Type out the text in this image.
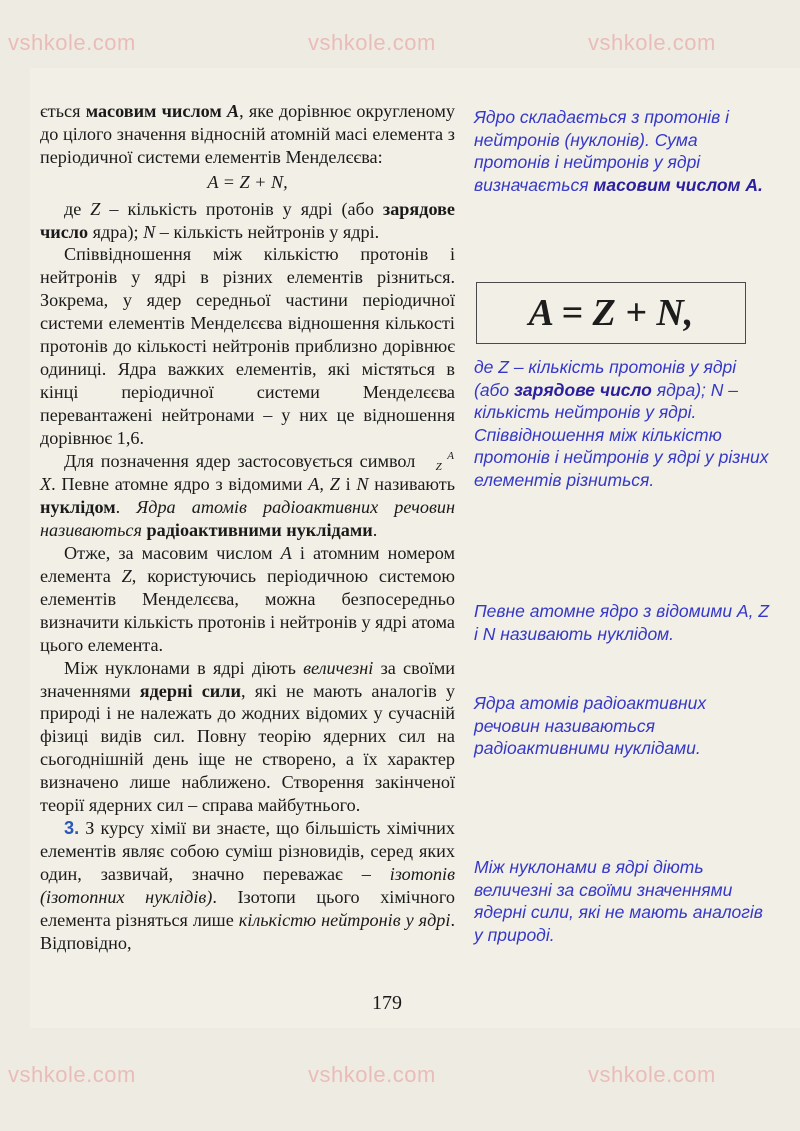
vshkole.com	vshkole.com	vshkole.com
vshkole.com	vshkole.com	vshkole.com

ється масовим числом A, яке дорівнює округленому до цілого значення відносній атомній масі елемента з періодичної системи елементів Менделєєва:

A = Z + N,

де Z – кількість протонів у ядрі (або зарядове число ядра); N – кількість нейтронів у ядрі.

Співвідношення між кількістю протонів і нейтронів у ядрі в різних елементів різниться. Зокрема, у ядер середньої частини періодичної системи елементів Менделєєва відношення кількості протонів до кількості нейтронів приблизно дорівнює одиниці. Ядра важких елементів, які містяться в кінці періодичної системи Менделєєва перевантажені нейтронами – у них це відношення дорівнює 1,6.

Для позначення ядер застосовується символ A
ZX. Певне атомне ядро з відомими A, Z і N називають нуклідом. Ядра атомів радіоактивних речовин називаються радіоактивними нуклідами.

Отже, за масовим числом A і атомним номером елемента Z, користуючись періодичною системою елементів Менделєєва, можна безпосередньо визначити кількість протонів і нейтронів у ядрі атома цього елемента.

Між нуклонами в ядрі діють величезні за своїми значеннями ядерні сили, які не мають аналогів у природі і не належать до жодних відомих у сучасній фізиці видів сил. Повну теорію ядерних сил на сьогоднішній день іще не створено, а їх характер визначено лише наближено. Створення закінченої теорії ядерних сил – справа майбутнього.

3. З курсу хімії ви знаєте, що більшість хімічних елементів являє собою суміш різновидів, серед яких один, зазвичай, значно переважає – ізотопів (ізотопних нуклідів). Ізотопи цього хімічного елемента різняться лише кількістю нейтронів у ядрі. Відповідно,

Ядро складається з протонів і нейтронів (нуклонів). Сума протонів і нейтронів у ядрі визначається масовим числом A.

A = Z + N,

де Z – кількість протонів у ядрі (або зарядове число ядра); N – кількість нейтронів у ядрі.

Співвідношення між кількістю протонів і нейтронів у ядрі у різних елементів різниться.

Певне атомне ядро з відомими A, Z і N називають нуклідом.
Ядра атомів радіоактивних речовин називаються радіоактивними нуклідами.
Між нуклонами в ядрі діють величезні за своїми значеннями ядерні сили, які не мають аналогів у природі.
179
